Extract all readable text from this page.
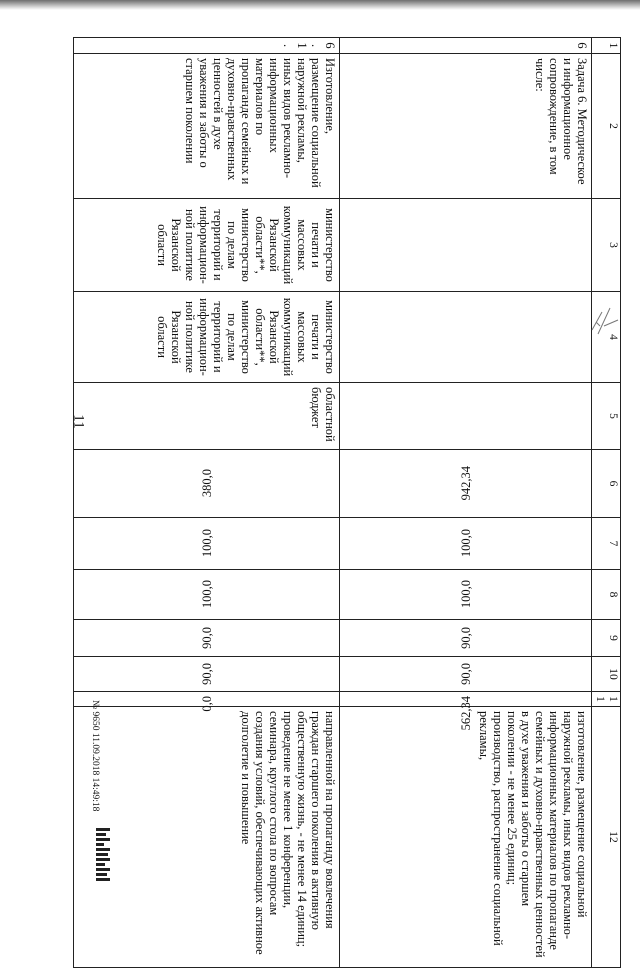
11
1	2	3	4	5	6	7	8	9	10	11	12
6	Задача 6. Методическое и информационное сопровождение, в том числе:				942,34	100,0	100,0	90,0	90,0	562,34	изготовление, размещение социальной наружной рекламы, иных видов рекламно-информационных материалов по пропаганде семейных и духовно-нравственных ценностей в духе уважения и заботы о старшем поколении - не менее 25 единиц; производство, распространение социальной рекламы,
6.1.	Изготовление, размещение социальной наружной рекламы, иных видов рекламно-информационных материалов по пропаганде семейных и духовно-нравственных ценностей в духе уважения и заботы о старшем поколении	министерство печати и массовых коммуникаций Рязанской области**, министерство по делам территорий и информацион-ной политике Рязанской области	министерство печати и массовых коммуникаций Рязанской области**, министерство по делам территорий и информацион-ной политике Рязанской области	областной бюджет	380,0	100,0	100,0	90,0	90,0	0,0	направленной на пропаганду вовлечения граждан старшего поколения в активную общественную жизнь, - не менее 14 единиц; проведение не менее 1 конференции, семинара, круглого стола по вопросам создания условий, обеспечивающих активное долголетие и повышение
№ 9650 11.09.2018 14:49:18
